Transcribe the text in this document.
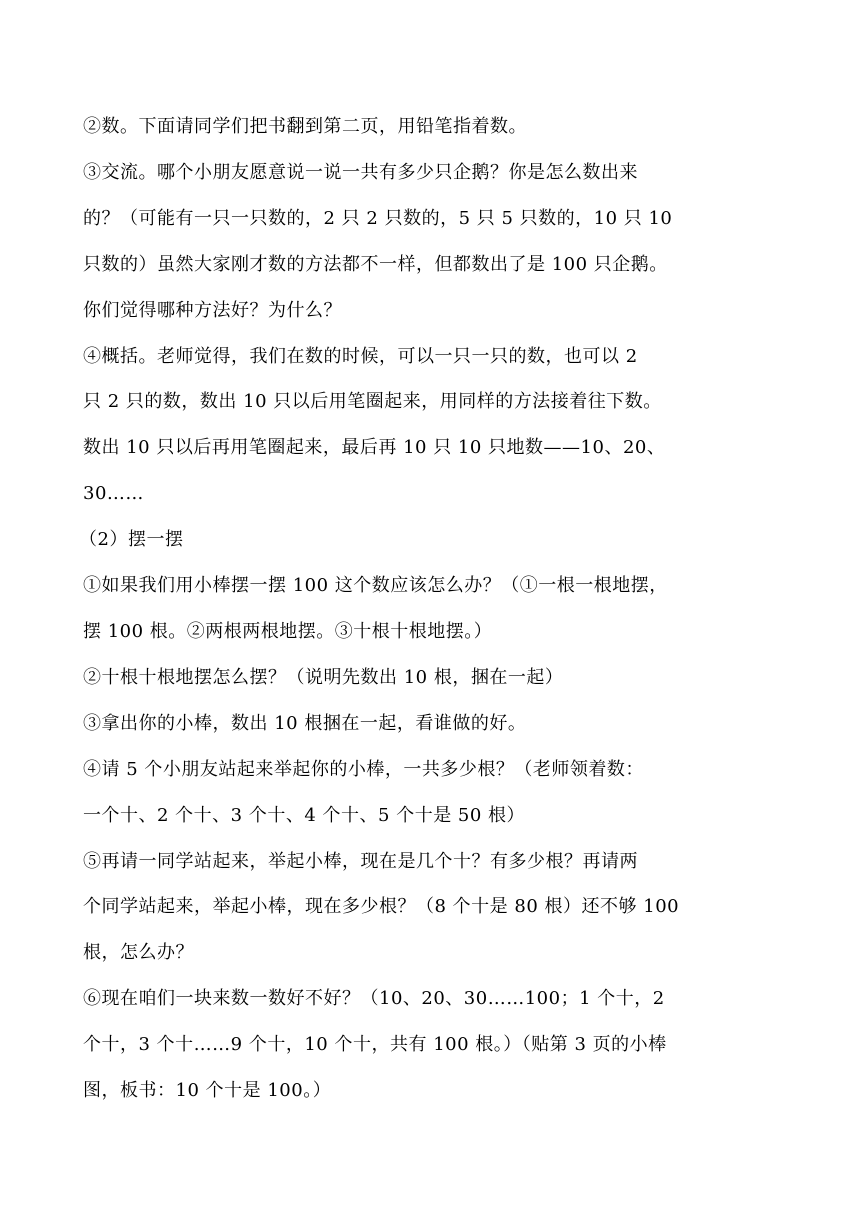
②数。下面请同学们把书翻到第二页，用铅笔指着数。

③交流。哪个小朋友愿意说一说一共有多少只企鹅？你是怎么数出来

的？（可能有一只一只数的，2 只 2 只数的，5 只 5 只数的，10 只 10

只数的）虽然大家刚才数的方法都不一样，但都数出了是 100 只企鹅。

你们觉得哪种方法好？为什么？

④概括。老师觉得，我们在数的时候，可以一只一只的数，也可以 2

只 2 只的数，数出 10 只以后用笔圈起来，用同样的方法接着往下数。

数出 10 只以后再用笔圈起来，最后再 10 只 10 只地数——10、20、

30……

（2）摆一摆

①如果我们用小棒摆一摆 100 这个数应该怎么办？（①一根一根地摆，

摆 100 根。②两根两根地摆。③十根十根地摆。）

②十根十根地摆怎么摆？（说明先数出 10 根，捆在一起）

③拿出你的小棒，数出 10 根捆在一起，看谁做的好。

④请 5 个小朋友站起来举起你的小棒，一共多少根？（老师领着数：

一个十、2 个十、3 个十、4 个十、5 个十是 50 根）

⑤再请一同学站起来，举起小棒，现在是几个十？有多少根？再请两

个同学站起来，举起小棒，现在多少根？（8 个十是 80 根）还不够 100

根，怎么办？

⑥现在咱们一块来数一数好不好？（10、20、30……100；1 个十，2

个十，3 个十……9 个十，10 个十，共有 100 根。）（贴第 3 页的小棒

图，板书：10 个十是 100。）
